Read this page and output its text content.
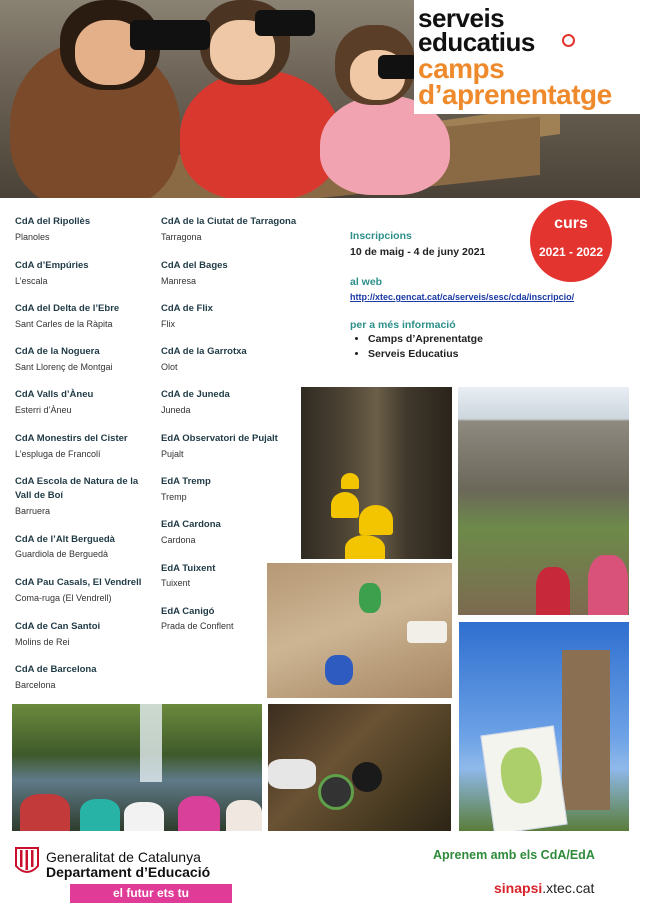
serveis
educatius
camps
d’aprenentatge
CdA del Ripollès
Planoles
CdA d’Empúries
L’escala
CdA del Delta de l’Ebre
Sant Carles de la Ràpita
CdA de la Noguera
Sant Llorenç de Montgai
CdA Valls d’Àneu
Esterri d’Àneu
CdA Monestirs del Cister
L’espluga de Francolí
CdA Escola de Natura de la
Vall de Boí
Barruera
CdA de l’Alt Berguedà
Guardiola de Berguedà
CdA Pau Casals, El Vendrell
Coma-ruga (El Vendrell)
CdA de Can Santoi
Molins de Rei
CdA de Barcelona
Barcelona
CdA de la Ciutat de Tarragona
Tarragona
CdA del Bages
Manresa
CdA de Flix
Flix
CdA de la Garrotxa
Olot
CdA de Juneda
Juneda
EdA Observatori de Pujalt
Pujalt
EdA Tremp
Tremp
EdA Cardona
Cardona
EdA Tuixent
Tuixent
EdA Canigó
Prada de Conflent
Inscripcions
10 de maig - 4 de juny 2021
al web
http://xtec.gencat.cat/ca/serveis/sesc/cda/inscripcio/
per a més informació
• Camps d’Aprenentatge
• Serveis Educatius
curs
2021 - 2022
Generalitat de Catalunya
Departament d’Educació
el futur ets tu
Aprenem amb els CdA/EdA
sinapsi.xtec.cat
